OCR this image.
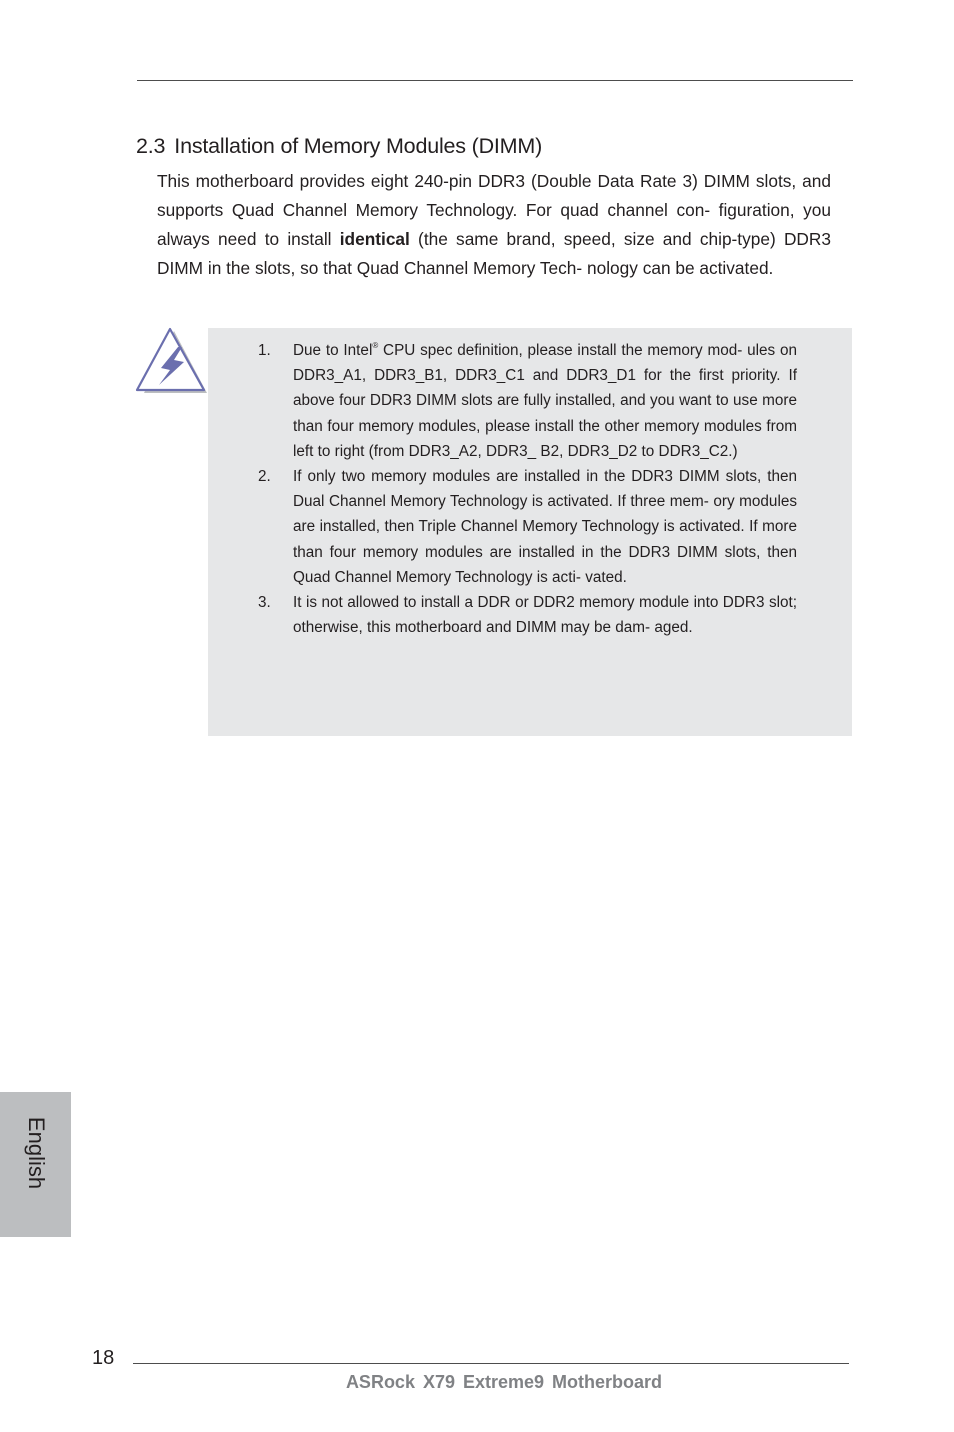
2.3 Installation of Memory Modules (DIMM)

This motherboard provides eight 240-pin DDR3 (Double Data Rate 3) DIMM slots, and supports Quad Channel Memory Technology. For quad channel con- figuration, you always need to install identical (the same brand, speed, size and chip-type) DDR3 DIMM in the slots, so that Quad Channel Memory Tech- nology can be activated.

1. Due to Intel® CPU spec definition, please install the memory mod- ules on DDR3_A1, DDR3_B1, DDR3_C1 and DDR3_D1 for the first priority. If above four DDR3 DIMM slots are fully installed, and you want to use more than four memory modules, please install the other memory modules from left to right (from DDR3_A2, DDR3_ B2, DDR3_D2 to DDR3_C2.)
2. If only two memory modules are installed in the DDR3 DIMM slots, then Dual Channel Memory Technology is activated. If three mem- ory modules are installed, then Triple Channel Memory Technology is activated. If more than four memory modules are installed in the DDR3 DIMM slots, then Quad Channel Memory Technology is acti- vated.
3. It is not allowed to install a DDR or DDR2 memory module into DDR3 slot; otherwise, this motherboard and DIMM may be dam- aged.
English
18
ASRock X79 Extreme9 Motherboard
